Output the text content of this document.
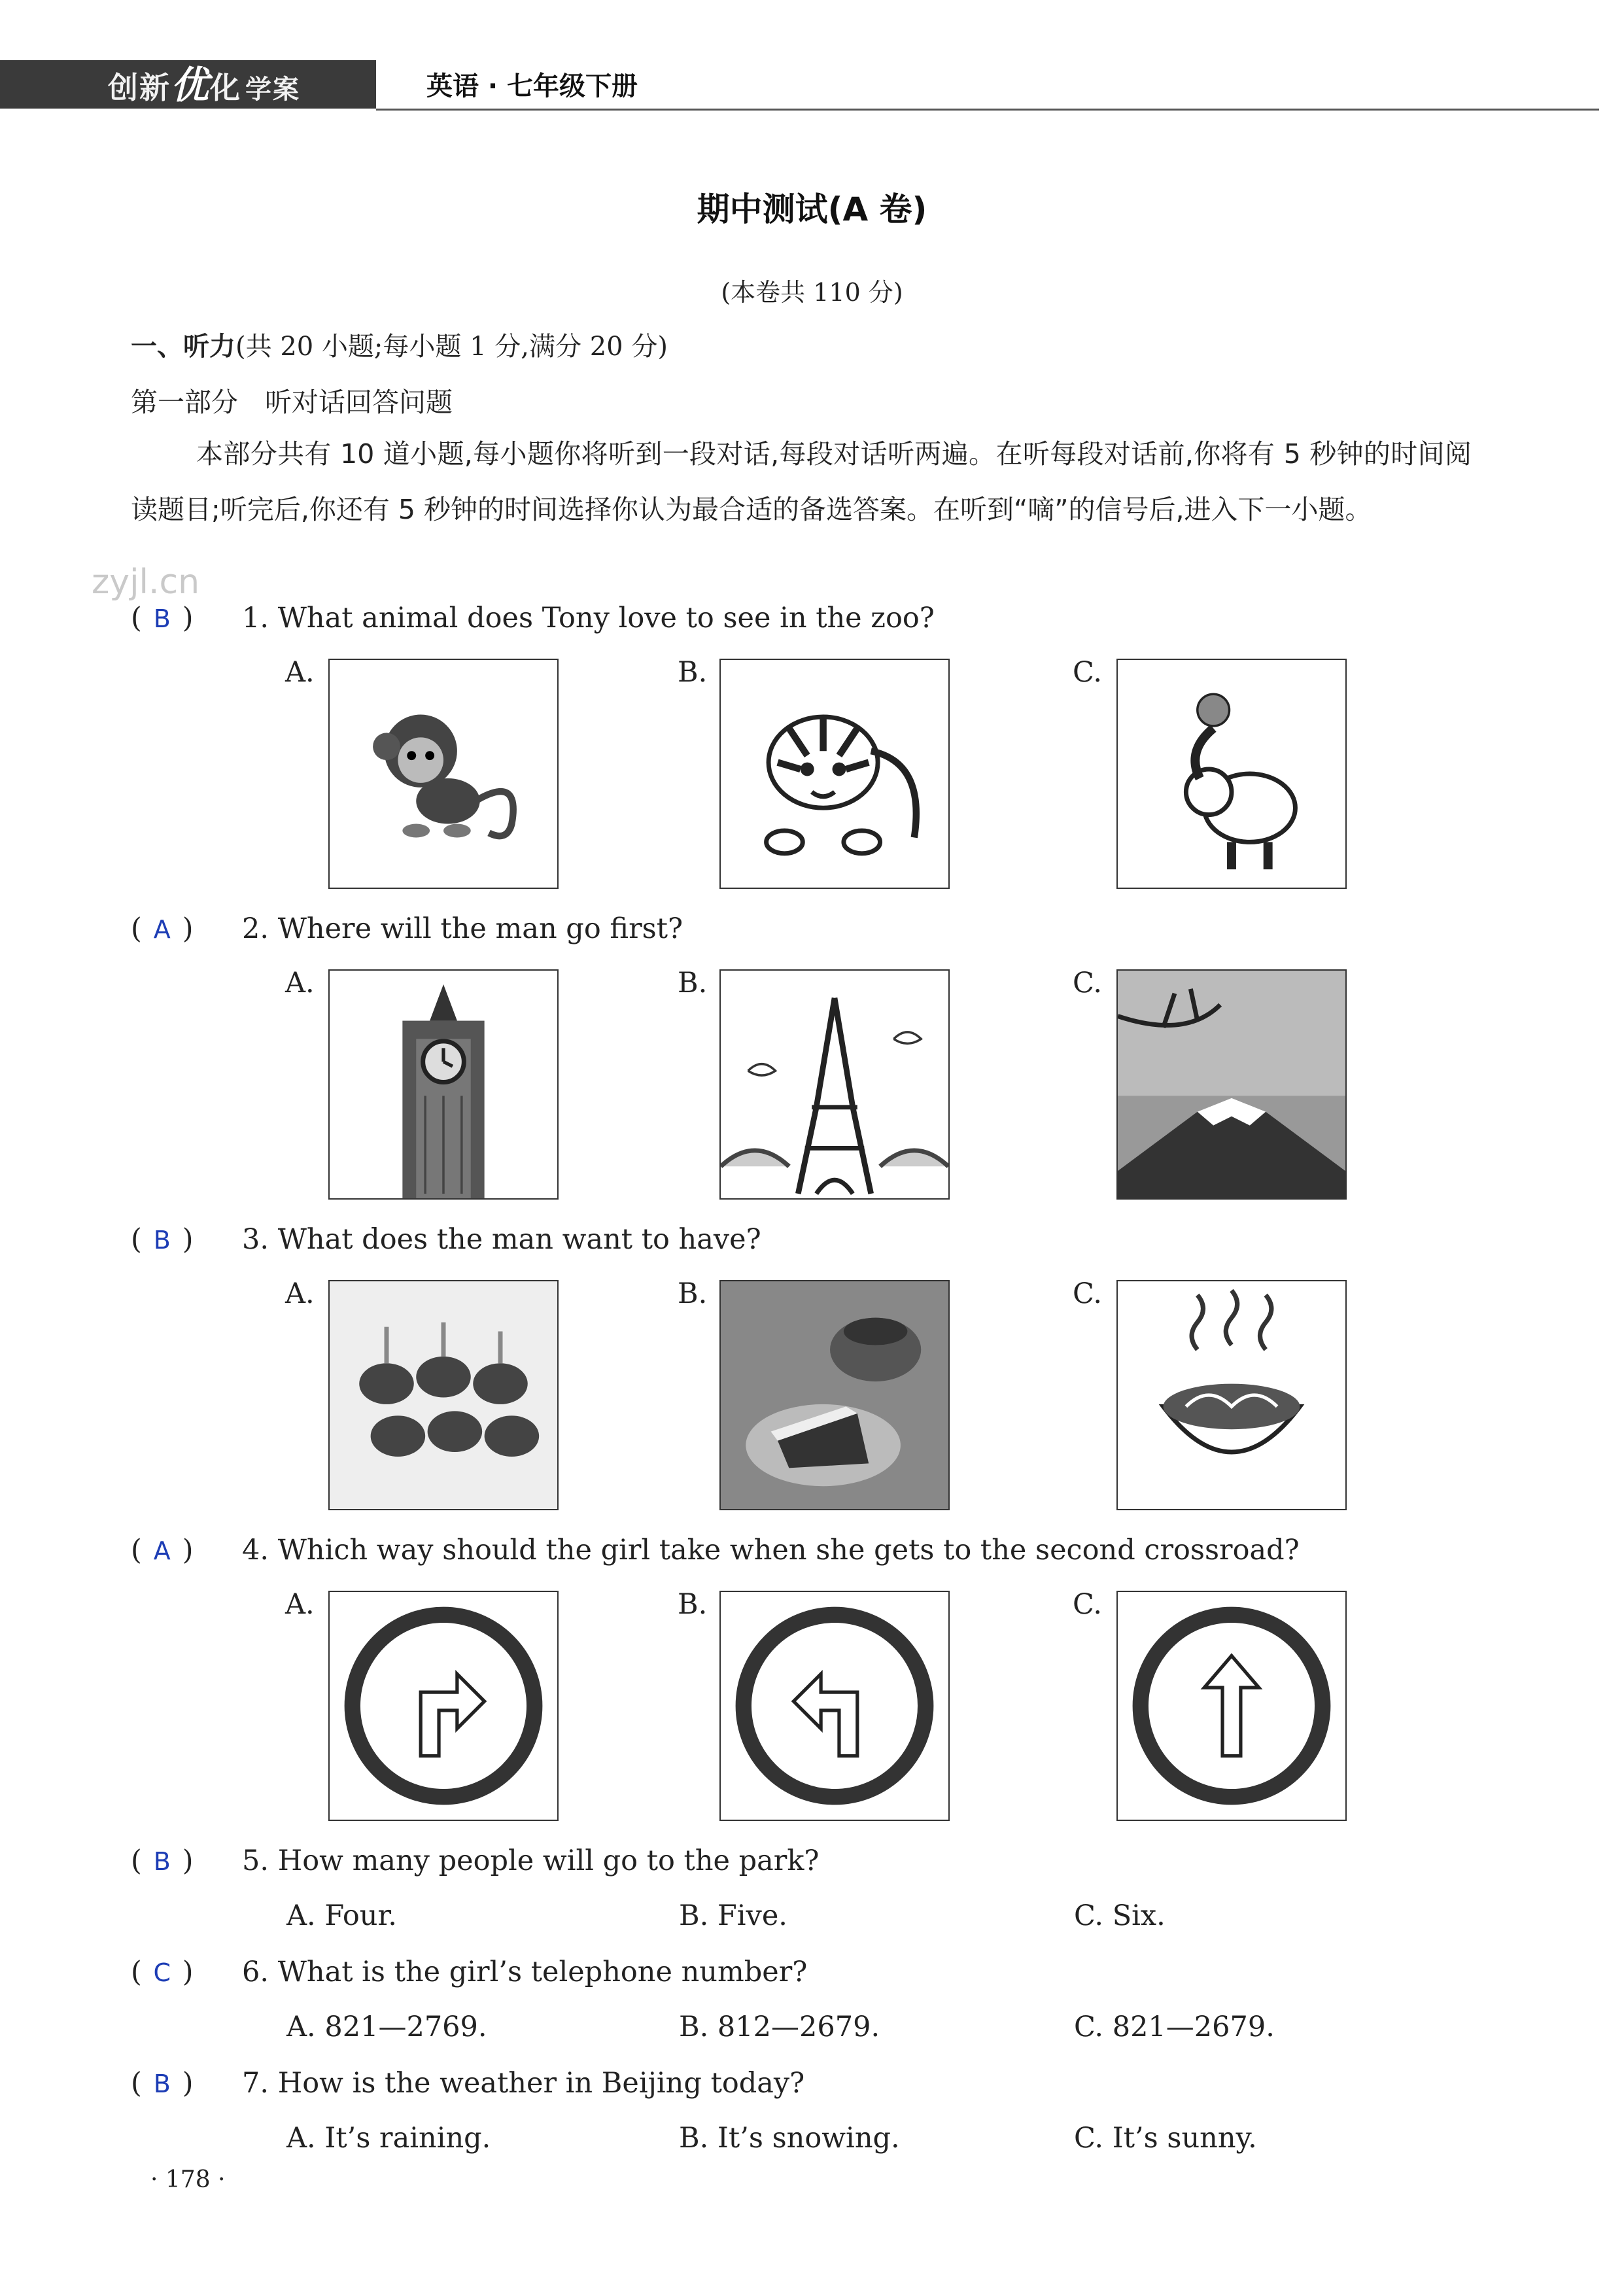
创新优化 学案	英语 · 七年级下册
期中测试(A 卷)
(本卷共 110 分)
一、听力(共 20 小题;每小题 1 分,满分 20 分)
第一部分　听对话回答问题
本部分共有 10 道小题,每小题你将听到一段对话,每段对话听两遍。在听每段对话前,你将有 5 秒钟的时间阅读题目;听完后,你还有 5 秒钟的时间选择你认为最合适的备选答案。在听到“嘀”的信号后,进入下一小题。
zyjl.cn
( B ) 1. What animal does Tony love to see in the zoo?
A.	B.	C.
( A ) 2. Where will the man go first?
A.	B.	C.
( B ) 3. What does the man want to have?
A.	B.	C.
( A ) 4. Which way should the girl take when she gets to the second crossroad?
A.	B.	C.
( B ) 5. How many people will go to the park?
A. Four.	B. Five.	C. Six.
( C ) 6. What is the girl’s telephone number?
A. 821—2769.	B. 812—2679.	C. 821—2679.
( B ) 7. How is the weather in Beijing today?
A. It’s raining.	B. It’s snowing.	C. It’s sunny.
· 178 ·
